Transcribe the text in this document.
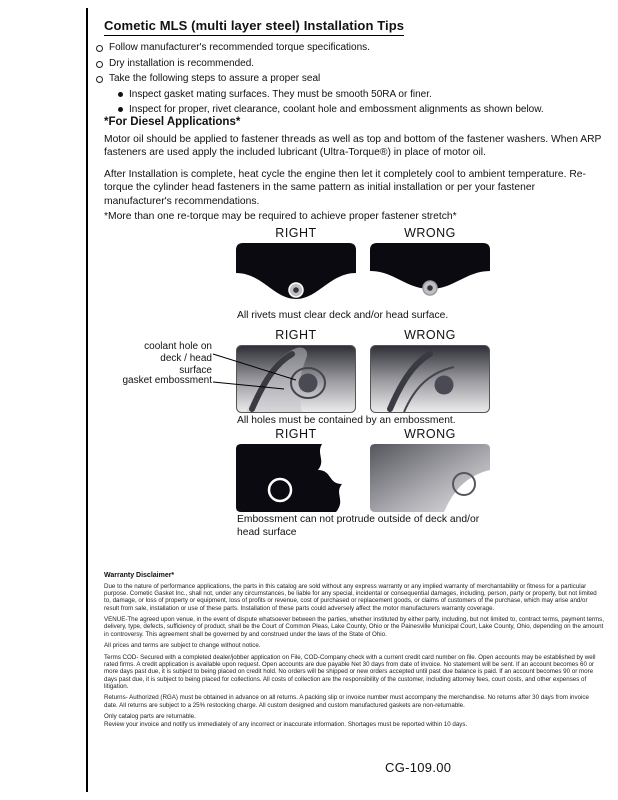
Cometic MLS (multi layer steel) Installation Tips
Follow manufacturer's recommended torque specifications.
Dry installation is recommended.
Take the following steps to assure a proper seal
Inspect gasket mating surfaces. They must be smooth 50RA or finer.
Inspect for proper, rivet clearance, coolant hole and embossment alignments as shown below.
*For Diesel Applications*

Motor oil should be applied to fastener threads as well as top and bottom of the fastener washers. When ARP fasteners are used apply the included lubricant (Ultra-Torque®) in place of motor oil.

After Installation is complete, heat cycle the engine then let it completely cool to ambient temperature. Re-torque the cylinder head fasteners in the same pattern as initial installation or per your fastener manufacturer's recommendations.

*More than one re-torque may be required to achieve proper fastener stretch*

RIGHT	WRONG

All rivets must clear deck and/or head surface.

RIGHT	WRONG
coolant hole on deck / head surface
gasket embossment

All holes must be contained by an embossment.

RIGHT	WRONG

Embossment can not protrude outside of deck and/or head surface

Warranty Disclaimer*

Due to the nature of performance applications, the parts in this catalog are sold without any express warranty or any implied warranty of merchantability or fitness for a particular purpose. Cometic Gasket Inc., shall not, under any circumstances, be liable for any special, incidental or consequential damages, including, person, party or property, but not limited to, damage, or loss of property or equipment, loss of profits or revenue, cost of purchased or replacement goods, or claims of customers of the purchase, which may arise and/or result from sale, installation or use of these parts. Installation of these parts could adversely affect the motor manufacturers warranty coverage.

VENUE-The agreed upon venue, in the event of dispute whatsoever between the parties, whether instituted by either party, including, but not limited to, contract terms, payment terms, delivery, type, defects, sufficiency of product, shall be the Court of Common Pleas, Lake County, Ohio or the Painesville Municipal Court, Lake County, Ohio, depending on the amount in controversy. This agreement shall be governed by and construed under the laws of the State of Ohio.

All prices and terms are subject to change without notice.

Terms COD- Secured with a completed dealer/jobber application on File, COD-Company check with a current credit card number on file. Open accounts may be established by well rated firms. A credit application is available upon request. Open accounts are due payable Net 30 days from date of invoice. No statement will be sent. If an account becomes 60 or more days past due, it is subject to being placed on credit hold. No orders will be shipped or new orders accepted until past due balance is paid. If an account becomes 90 or more days past due, it is subject to being placed for collections. All costs of collection are the responsibility of the customer, including attorney fees, court costs, and other expenses of litigation.

Returns- Authorized (RGA) must be obtained in advance on all returns. A packing slip or invoice number must accompany the merchandise. No returns after 30 days from invoice date. All returns are subject to a 25% restocking charge. All custom designed and custom manufactured gaskets are non-returnable.

Only catalog parts are returnable.

Review your invoice and notify us immediately of any incorrect or inaccurate information. Shortages must be reported within 10 days.

CG-109.00
